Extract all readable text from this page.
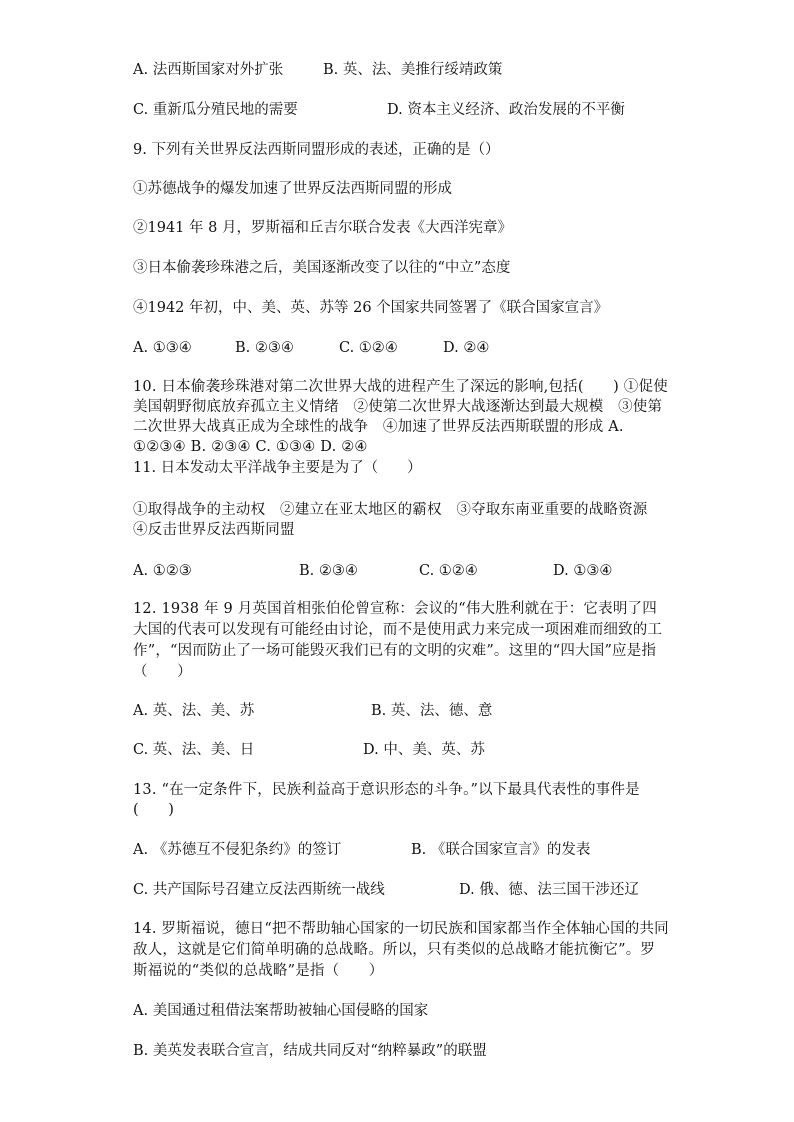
A. 法西斯国家对外扩张	B. 英、法、美推行绥靖政策
C. 重新瓜分殖民地的需要	D. 资本主义经济、政治发展的不平衡
9. 下列有关世界反法西斯同盟形成的表述，正确的是（）
①苏德战争的爆发加速了世界反法西斯同盟的形成
②1941 年 8 月，罗斯福和丘吉尔联合发表《大西洋宪章》
③日本偷袭珍珠港之后，美国逐渐改变了以往的“中立”态度
④1942 年初，中、美、英、苏等 26 个国家共同签署了《联合国家宣言》
A. ①③④	B. ②③④	C. ①②④	D. ②④
10. 日本偷袭珍珠港对第二次世界大战的进程产生了深远的影响,包括(　　) ①促使美国朝野彻底放弃孤立主义情绪　②使第二次世界大战逐渐达到最大规模　③使第二次世界大战真正成为全球性的战争　④加速了世界反法西斯联盟的形成 A. ①②③④ B. ②③④ C. ①③④ D. ②④
11. 日本发动太平洋战争主要是为了（　　）
①取得战争的主动权　②建立在亚太地区的霸权　③夺取东南亚重要的战略资源　④反击世界反法西斯同盟
A. ①②③	B. ②③④	C. ①②④	D. ①③④
12. 1938 年 9 月英国首相张伯伦曾宣称：会议的“伟大胜利就在于：它表明了四大国的代表可以发现有可能经由讨论，而不是使用武力来完成一项困难而细致的工作”，“因而防止了一场可能毁灭我们已有的文明的灾难”。这里的“四大国”应是指（　　）
A. 英、法、美、苏	B. 英、法、德、意
C. 英、法、美、日	D. 中、美、英、苏
13. “在一定条件下，民族利益高于意识形态的斗争。”以下最具代表性的事件是(　　)
A. 《苏德互不侵犯条约》的签订	B. 《联合国家宣言》的发表
C. 共产国际号召建立反法西斯统一战线	D. 俄、德、法三国干涉还辽
14. 罗斯福说，德日“把不帮助轴心国家的一切民族和国家都当作全体轴心国的共同敌人，这就是它们简单明确的总战略。所以，只有类似的总战略才能抗衡它”。罗斯福说的“类似的总战略”是指（　　）
A. 美国通过租借法案帮助被轴心国侵略的国家
B. 美英发表联合宣言，结成共同反对“纳粹暴政”的联盟
